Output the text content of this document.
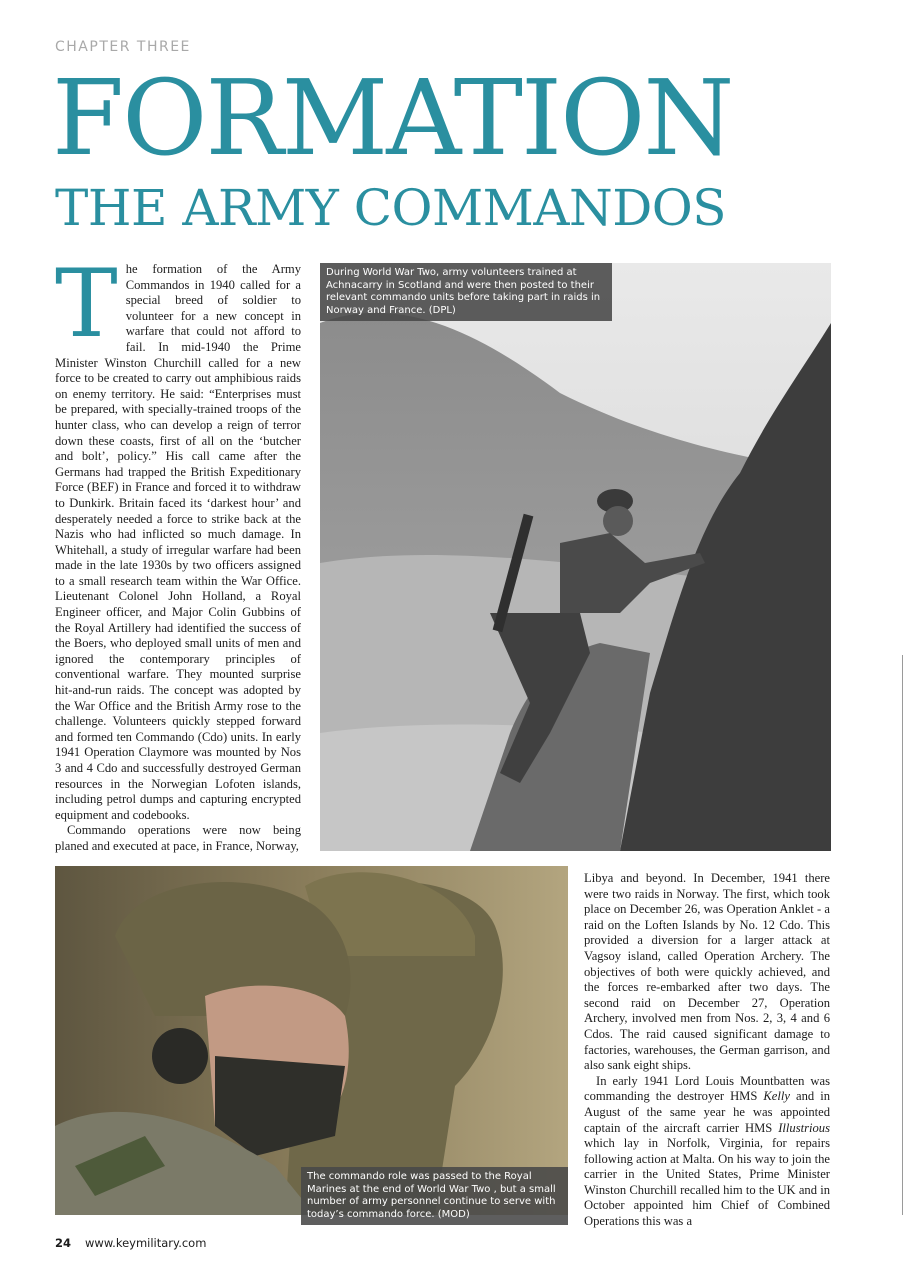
CHAPTER THREE
FORMATION
THE ARMY COMMANDOS

The formation of the Army Commandos in 1940 called for a special breed of soldier to volunteer for a new concept in warfare that could not afford to fail. In mid-1940 the Prime Minister Winston Churchill called for a new force to be created to carry out amphibious raids on enemy territory. He said: “Enterprises must be prepared, with specially-trained troops of the hunter class, who can develop a reign of terror down these coasts, first of all on the ‘butcher and bolt’, policy.” His call came after the Germans had trapped the British Expeditionary Force (BEF) in France and forced it to withdraw to Dunkirk. Britain faced its ‘darkest hour’ and desperately needed a force to strike back at the Nazis who had inflicted so much damage. In Whitehall, a study of irregular warfare had been made in the late 1930s by two officers assigned to a small research team within the War Office. Lieutenant Colonel John Holland, a Royal Engineer officer, and Major Colin Gubbins of the Royal Artillery had identified the success of the Boers, who deployed small units of men and ignored the contemporary principles of conventional warfare. They mounted surprise hit-and-run raids. The concept was adopted by the War Office and the British Army rose to the challenge. Volunteers quickly stepped forward and formed ten Commando (Cdo) units. In early 1941 Operation Claymore was mounted by Nos 3 and 4 Cdo and successfully destroyed German resources in the Norwegian Lofoten islands, including petrol dumps and capturing encrypted equipment and codebooks.

Commando operations were now being planed and executed at pace, in France, Norway,

During World War Two, army volunteers trained at Achnacarry in Scotland and were then posted to their relevant commando units before taking part in raids in Norway and France. (DPL)
The commando role was passed to the Royal Marines at the end of World War Two , but a small number of army personnel continue to serve with today’s commando force. (MOD)

Libya and beyond. In December, 1941 there were two raids in Norway. The first, which took place on December 26, was Operation Anklet - a raid on the Loften Islands by No. 12 Cdo. This provided a diversion for a larger attack at Vagsoy island, called Operation Archery. The objectives of both were quickly achieved, and the forces re-embarked after two days. The second raid on December 27, Operation Archery, involved men from Nos. 2, 3, 4 and 6 Cdos. The raid caused significant damage to factories, warehouses, the German garrison, and also sank eight ships.

In early 1941 Lord Louis Mountbatten was commanding the destroyer HMS Kelly and in August of the same year he was appointed captain of the aircraft carrier HMS Illustrious which lay in Norfolk, Virginia, for repairs following action at Malta. On his way to join the carrier in the United States, Prime Minister Winston Churchill recalled him to the UK and in October appointed him Chief of Combined Operations this was a

24 www.keymilitary.com
